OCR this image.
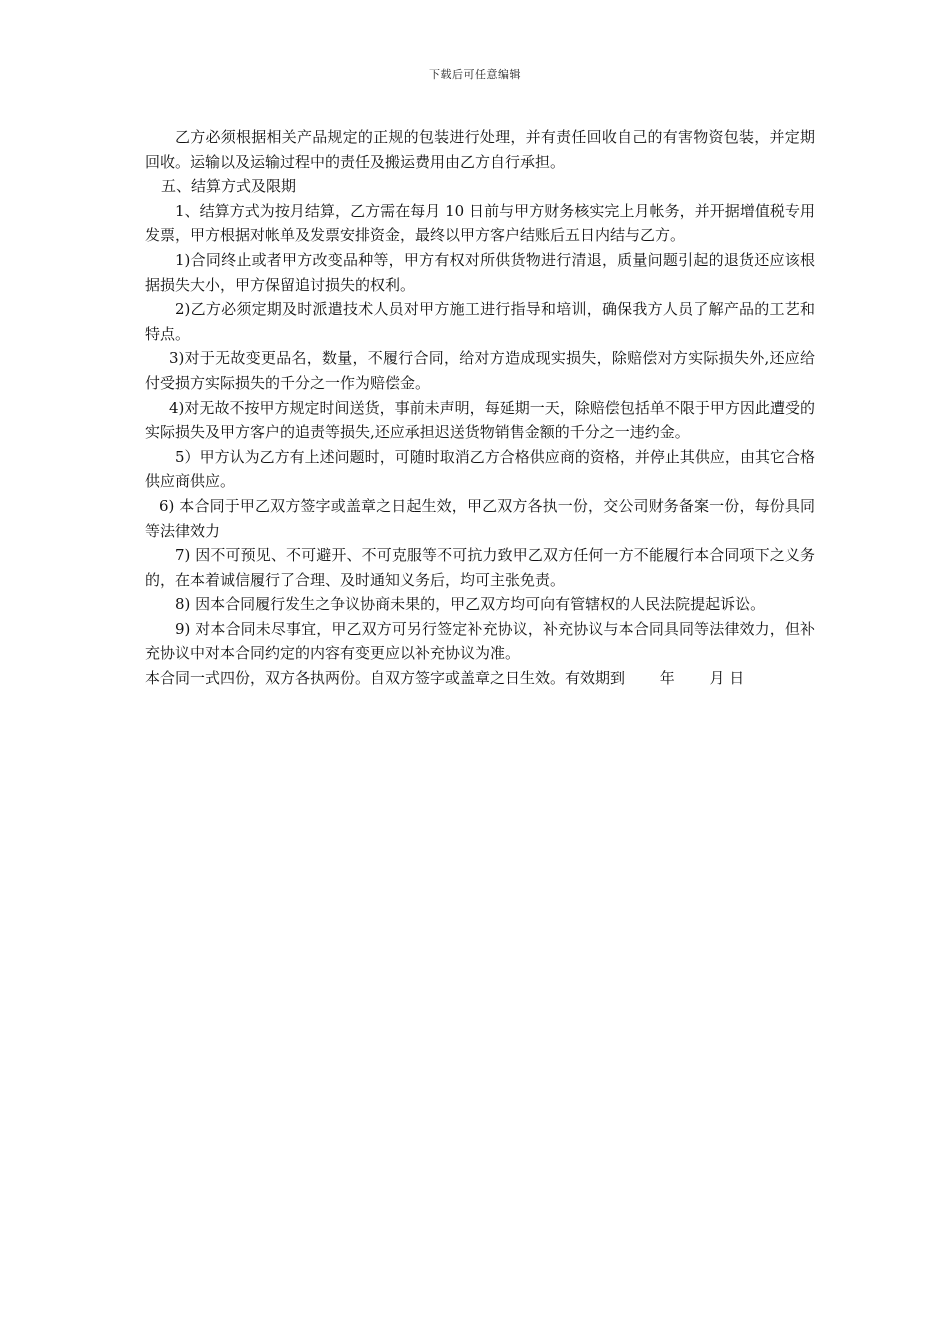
下载后可任意编辑

乙方必须根据相关产品规定的正规的包装进行处理，并有责任回收自己的有害物资包装，并定期回收。运输以及运输过程中的责任及搬运费用由乙方自行承担。

五、结算方式及限期

1、结算方式为按月结算，乙方需在每月 10 日前与甲方财务核实完上月帐务，并开据增值税专用发票，甲方根据对帐单及发票安排资金，最终以甲方客户结账后五日内结与乙方。

1)合同终止或者甲方改变品种等，甲方有权对所供货物进行清退，质量问题引起的退货还应该根据损失大小，甲方保留追讨损失的权利。

2)乙方必须定期及时派遣技术人员对甲方施工进行指导和培训，确保我方人员了解产品的工艺和特点。

3)对于无故变更品名，数量，不履行合同，给对方造成现实损失，除赔偿对方实际损失外,还应给付受损方实际损失的千分之一作为赔偿金。

4)对无故不按甲方规定时间送货，事前未声明，每延期一天，除赔偿包括单不限于甲方因此遭受的实际损失及甲方客户的追责等损失,还应承担迟送货物销售金额的千分之一违约金。

5）甲方认为乙方有上述问题时，可随时取消乙方合格供应商的资格，并停止其供应，由其它合格供应商供应。

6) 本合同于甲乙双方签字或盖章之日起生效，甲乙双方各执一份，交公司财务备案一份，每份具同等法律效力

7) 因不可预见、不可避开、不可克服等不可抗力致甲乙双方任何一方不能履行本合同项下之义务的，在本着诚信履行了合理、及时通知义务后，均可主张免责。

8) 因本合同履行发生之争议协商未果的，甲乙双方均可向有管辖权的人民法院提起诉讼。

9) 对本合同未尽事宜，甲乙双方可另行签定补充协议，补充协议与本合同具同等法律效力，但补充协议中对本合同约定的内容有变更应以补充协议为准。

本合同一式四份，双方各执两份。自双方签字或盖章之日生效。有效期到　　 年　　 月 日
